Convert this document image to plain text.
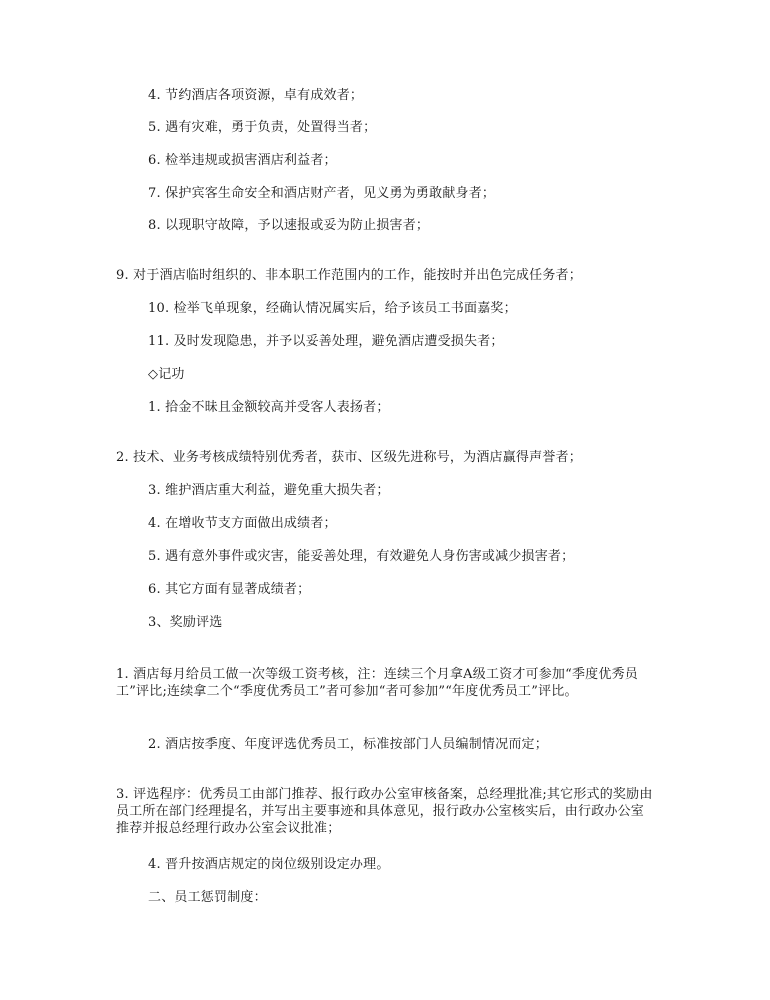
4. 节约酒店各项资源，卓有成效者；
5. 遇有灾难，勇于负责，处置得当者；
6. 检举违规或损害酒店利益者；
7. 保护宾客生命安全和酒店财产者，见义勇为勇敢献身者；
8. 以现职守故障，予以速报或妥为防止损害者；
9. 对于酒店临时组织的、非本职工作范围内的工作，能按时并出色完成任务者；
10. 检举飞单现象，经确认情况属实后，给予该员工书面嘉奖；
11. 及时发现隐患，并予以妥善处理，避免酒店遭受损失者；
◇记功
1. 拾金不昧且金额较高并受客人表扬者；
2. 技术、业务考核成绩特别优秀者，获市、区级先进称号，为酒店赢得声誉者；
3. 维护酒店重大利益，避免重大损失者；
4. 在增收节支方面做出成绩者；
5. 遇有意外事件或灾害，能妥善处理，有效避免人身伤害或减少损害者；
6. 其它方面有显著成绩者；
3、奖励评选
1. 酒店每月给员工做一次等级工资考核，注：连续三个月拿A级工资才可参加“季度优秀员工”评比;连续拿二个“季度优秀员工”者可参加“者可参加”“年度优秀员工”评比。
2. 酒店按季度、年度评选优秀员工，标准按部门人员编制情况而定；
3. 评选程序：优秀员工由部门推荐、报行政办公室审核备案，总经理批准;其它形式的奖励由员工所在部门经理提名，并写出主要事迹和具体意见，报行政办公室核实后，由行政办公室推荐并报总经理行政办公室会议批准；
4. 晋升按酒店规定的岗位级别设定办理。
二、员工惩罚制度：
